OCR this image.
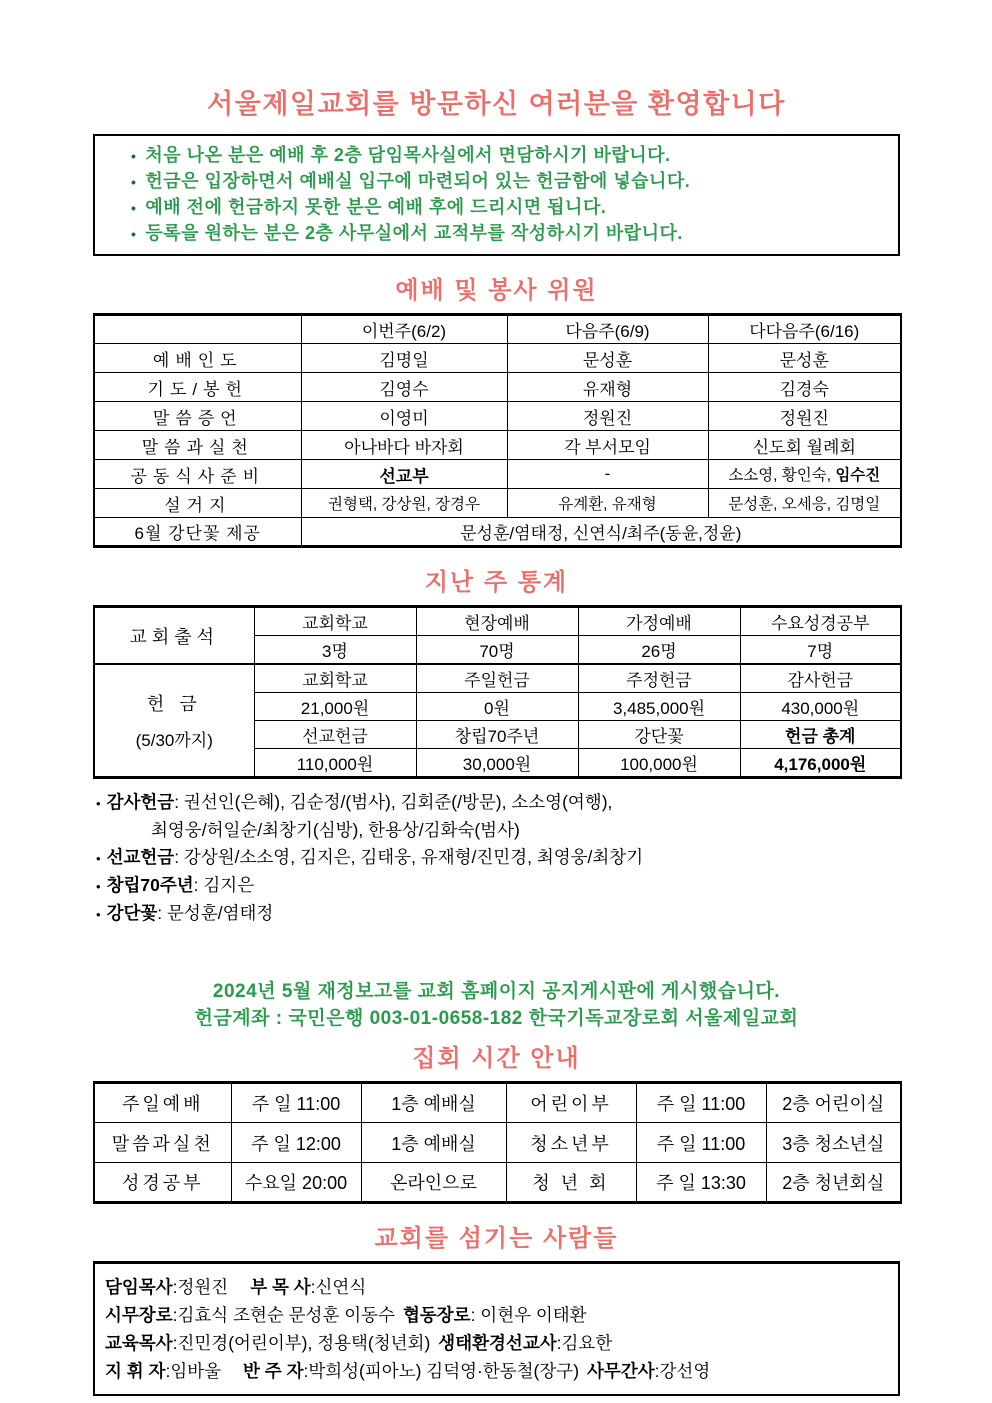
서울제일교회를 방문하신 여러분을 환영합니다
• 처음 나온 분은 예배 후 2층 담임목사실에서 면담하시기 바랍니다.
• 헌금은 입장하면서 예배실 입구에 마련되어 있는 헌금함에 넣습니다.
• 예배 전에 헌금하지 못한 분은 예배 후에 드리시면 됩니다.
• 등록을 원하는 분은 2층 사무실에서 교적부를 작성하시기 바랍니다.
예배 및 봉사 위원
	이번주(6/2)	다음주(6/9)	다다음주(6/16)
예배인도	김명일	문성훈	문성훈
기도/봉헌	김영수	유재형	김경숙
말씀증언	이영미	정원진	정원진
말씀과실천	아나바다 바자회	각 부서모임	신도회 월례회
공동식사준비	선교부	-	소소영, 황인숙, 임수진
설거지	권형택, 강상원, 장경우	유계환, 유재형	문성훈, 오세응, 김명일
6월 강단꽃 제공	문성훈/염태정, 신연식/최주(동윤,정윤)		
지난 주 통계
교회출석	교회학교	현장예배	가정예배	수요성경공부
	3명	70명	26명	7명

헌 금
(5/30까지)	교회학교	주일헌금	주정헌금	감사헌금
	21,000원	0원	3,485,000원	430,000원
	선교헌금	창립70주년	강단꽃	헌금 총계
	110,000원	30,000원	100,000원	4,176,000원
• 감사헌금: 권선인(은혜), 김순정/(범사), 김회준(/방문), 소소영(여행),
최영웅/허일순/최창기(심방), 한용상/김화숙(범사)
• 선교헌금: 강상원/소소영, 김지은, 김태웅, 유재형/진민경, 최영웅/최창기
• 창립70주년: 김지은
• 강단꽃: 문성훈/염태정
2024년 5월 재정보고를 교회 홈페이지 공지게시판에 게시했습니다.
헌금계좌 : 국민은행 003-01-0658-182 한국기독교장로회 서울제일교회
집회 시간 안내
주일예배	주 일 11:00	1층 예배실	어린이부	주 일 11:00	2층 어린이실
말씀과실천	주 일 12:00	1층 예배실	청소년부	주 일 11:00	3층 청소년실
성경공부	수요일 20:00	온라인으로	청 년 회	주 일 13:30	2층 청년회실
교회를 섬기는 사람들
담임목사:정원진 부 목 사:신연식
시무장로:김효식 조현순 문성훈 이동수 협동장로: 이현우 이태환
교육목사:진민경(어린이부), 정용택(청년회) 생태환경선교사:김요한
지 휘 자:임바울 반 주 자:박희성(피아노) 김덕영·한동철(장구) 사무간사:강선영
